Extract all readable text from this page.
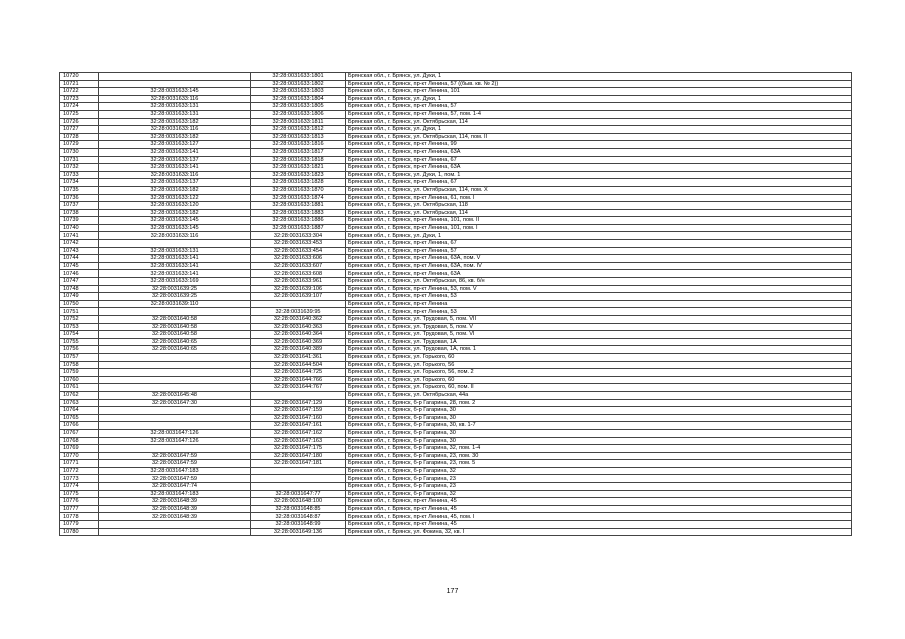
10720		32:28:0031633:1801	Брянская обл., г. Брянск, ул. Дуки, 1
10721		32:28:0031633:1802	Брянская обл., г. Брянск, пр-кт Ленина, 57 ((быв. кв. № 2))
10722	32:28:0031633:145	32:28:0031633:1803	Брянская обл., г. Брянск, пр-кт Ленина, 101
10723	32:28:0031633:116	32:28:0031633:1804	Брянская обл., г. Брянск, ул. Дуки, 1
10724	32:28:0031633:131	32:28:0031633:1805	Брянская обл., г. Брянск, пр-кт Ленина, 57
10725	32:28:0031633:131	32:28:0031633:1806	Брянская обл., г. Брянск, пр-кт Ленина, 57, пом. 1-4
10726	32:28:0031633:182	32:28:0031633:1811	Брянская обл., г. Брянск, ул. Октябрьская, 114
10727	32:28:0031633:116	32:28:0031633:1812	Брянская обл., г. Брянск, ул. Дуки, 1
10728	32:28:0031633:182	32:28:0031633:1813	Брянская обл., г. Брянск, ул. Октябрьская, 114, пом. II
10729	32:28:0031633:127	32:28:0031633:1816	Брянская обл., г. Брянск, пр-кт Ленина, 99
10730	32:28:0031633:141	32:28:0031633:1817	Брянская обл., г. Брянск, пр-кт Ленина, 63А
10731	32:28:0031633:137	32:28:0031633:1818	Брянская обл., г. Брянск, пр-кт Ленина, 67
10732	32:28:0031633:141	32:28:0031633:1821	Брянская обл., г. Брянск, пр-кт Ленина, 63А
10733	32:28:0031633:116	32:28:0031633:1823	Брянская обл., г. Брянск, ул. Дуки, 1, пом. 1
10734	32:28:0031633:137	32:28:0031633:1828	Брянская обл., г. Брянск, пр-кт Ленина, 67
10735	32:28:0031633:182	32:28:0031633:1870	Брянская обл., г. Брянск, ул. Октябрьская, 114, пом. X
10736	32:28:0031633:122	32:28:0031633:1874	Брянская обл., г. Брянск, пр-кт Ленина, 61, пом. I
10737	32:28:0031633:120	32:28:0031633:1881	Брянская обл., г. Брянск, ул. Октябрьская, 118
10738	32:28:0031633:182	32:28:0031633:1883	Брянская обл., г. Брянск, ул. Октябрьская, 114
10739	32:28:0031633:145	32:28:0031633:1886	Брянская обл., г. Брянск, пр-кт Ленина, 101, пом. II
10740	32:28:0031633:145	32:28:0031633:1887	Брянская обл., г. Брянск, пр-кт Ленина, 101, пом. I
10741	32:28:0031633:116	32:28:0031633:304	Брянская обл., г. Брянск, ул. Дуки, 1
10742		32:28:0031633:453	Брянская обл., г. Брянск, пр-кт Ленина, 67
10743	32:28:0031633:131	32:28:0031633:454	Брянская обл., г. Брянск, пр-кт Ленина, 57
10744	32:28:0031633:141	32:28:0031633:606	Брянская обл., г. Брянск, пр-кт Ленина, 63А, пом. V
10745	32:28:0031633:141	32:28:0031633:607	Брянская обл., г. Брянск, пр-кт Ленина, 63А, пом. IV
10746	32:28:0031633:141	32:28:0031633:608	Брянская обл., г. Брянск, пр-кт Ленина, 63А
10747	32:28:0031633:169	32:28:0031633:961	Брянская обл., г. Брянск, ул. Октябрьская, 86, кв. б/н
10748	32:28:0031639:25	32:28:0031639:106	Брянская обл., г. Брянск, пр-кт Ленина, 53, пом. V
10749	32:28:0031639:25	32:28:0031639:107	Брянская обл., г. Брянск, пр-кт Ленина, 53
10750	32:28:0031639:110		Брянская обл., г. Брянск, пр-кт Ленина
10751		32:28:0031639:95	Брянская обл., г. Брянск, пр-кт Ленина, 53
10752	32:28:0031640:58	32:28:0031640:362	Брянская обл., г. Брянск, ул. Трудовая, 5, пом. VII
10753	32:28:0031640:58	32:28:0031640:363	Брянская обл., г. Брянск, ул. Трудовая, 5, пом. V
10754	32:28:0031640:58	32:28:0031640:364	Брянская обл., г. Брянск, ул. Трудовая, 5, пом. VI
10755	32:28:0031640:65	32:28:0031640:369	Брянская обл., г. Брянск, ул. Трудовая, 1А
10756	32:28:0031640:65	32:28:0031640:389	Брянская обл., г. Брянск, ул. Трудовая, 1А, пом. 1
10757		32:28:0031641:361	Брянская обл., г. Брянск, ул. Горького, 60
10758		32:28:0031644:504	Брянская обл., г. Брянск, ул. Горького, 56
10759		32:28:0031644:725	Брянская обл., г. Брянск, ул. Горького, 56, пом. 2
10760		32:28:0031644:766	Брянская обл., г. Брянск, ул. Горького, 60
10761		32:28:0031644:767	Брянская обл., г. Брянск, ул. Горького, 60, пом. II
10762	32:28:0031645:48		Брянская обл., г. Брянск, ул. Октябрьская, 44а
10763	32:28:0031647:30	32:28:0031647:129	Брянская обл., г. Брянск, б-р Гагарина, 28, пом. 2
10764		32:28:0031647:159	Брянская обл., г. Брянск, б-р Гагарина, 30
10765		32:28:0031647:160	Брянская обл., г. Брянск, б-р Гагарина, 30
10766		32:28:0031647:161	Брянская обл., г. Брянск, б-р Гагарина, 30, кв. 1-7
10767	32:28:0031647:126	32:28:0031647:162	Брянская обл., г. Брянск, б-р Гагарина, 30
10768	32:28:0031647:126	32:28:0031647:163	Брянская обл., г. Брянск, б-р Гагарина, 30
10769		32:28:0031647:175	Брянская обл., г. Брянск, б-р Гагарина, 32, пом. 1-4
10770	32:28:0031647:59	32:28:0031647:180	Брянская обл., г. Брянск, б-р Гагарина, 23, пом. 30
10771	32:28:0031647:59	32:28:0031647:181	Брянская обл., г. Брянск, б-р Гагарина, 23, пом. 5
10772	32:28:0031647:183		Брянская обл., г. Брянск, б-р Гагарина, 32
10773	32:28:0031647:59		Брянская обл., г. Брянск, б-р Гагарина, 23
10774	32:28:0031647:74		Брянская обл., г. Брянск, б-р Гагарина, 23
10775	32:28:0031647:183	32:28:0031647:77	Брянская обл., г. Брянск, б-р Гагарина, 32
10776	32:28:0031648:39	32:28:0031648:100	Брянская обл., г. Брянск, пр-кт Ленина, 45
10777	32:28:0031648:39	32:28:0031648:85	Брянская обл., г. Брянск, пр-кт Ленина, 45
10778	32:28:0031648:39	32:28:0031648:87	Брянская обл., г. Брянск, пр-кт Ленина, 45, пом. I
10779		32:28:0031648:99	Брянская обл., г. Брянск, пр-кт Ленина, 45
10780		32:28:0031649:136	Брянская обл., г. Брянск, ул. Фокина, 32, кв. I
177
